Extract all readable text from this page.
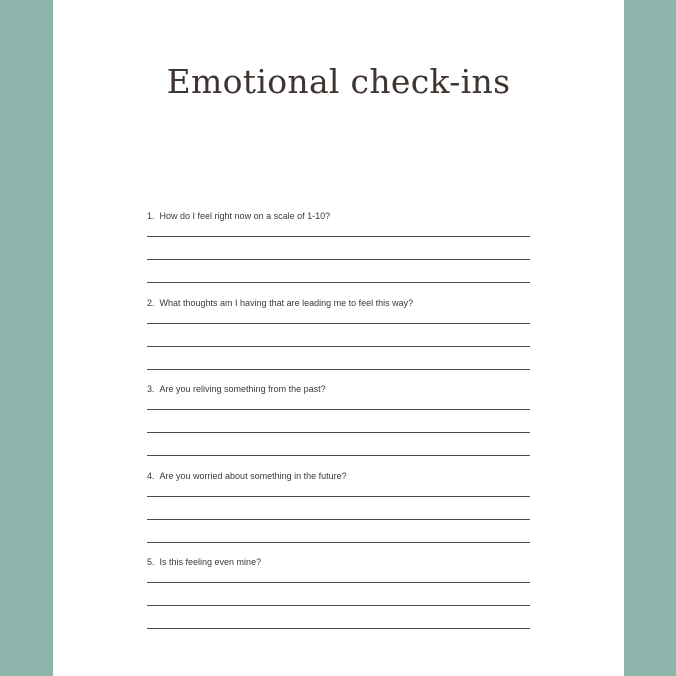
Emotional check-ins

1. How do I feel right now on a scale of 1-10?

2. What thoughts am I having that are leading me to feel this way?

3. Are you reliving something from the past?

4. Are you worried about something in the future?

5. Is this feeling even mine?
